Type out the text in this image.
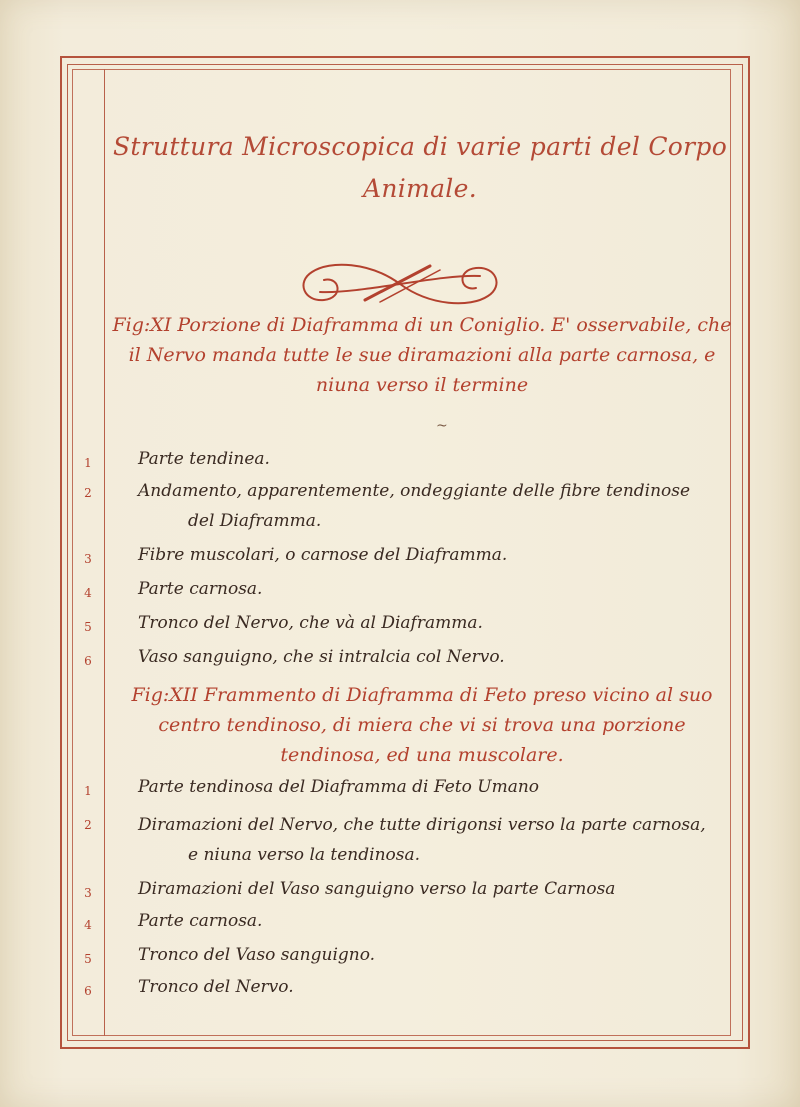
Struttura Microscopica di varie parti del Corpo Animale.
Fig:XI Porzione di Diaframma di un Coniglio. E' osservabile, che il Nervo manda tutte le sue diramazioni alla parte carnosa, e niuna verso il termine
~
1	Parte tendinea.
2	Andamento, apparentemente, ondeggiante delle fibre tendinose
del Diaframma.
3	Fibre muscolari, o carnose del Diaframma.
4	Parte carnosa.
5	Tronco del Nervo, che và al Diaframma.
6	Vaso sanguigno, che si intralcia col Nervo.
Fig:XII Frammento di Diaframma di Feto preso vicino al suo centro tendinoso, di miera che vi si trova una porzione tendinosa, ed una muscolare.
1	Parte tendinosa del Diaframma di Feto Umano
2	Diramazioni del Nervo, che tutte dirigonsi verso la parte carnosa,
e niuna verso la tendinosa.
3	Diramazioni del Vaso sanguigno verso la parte Carnosa
4	Parte carnosa.
5	Tronco del Vaso sanguigno.
6	Tronco del Nervo.
